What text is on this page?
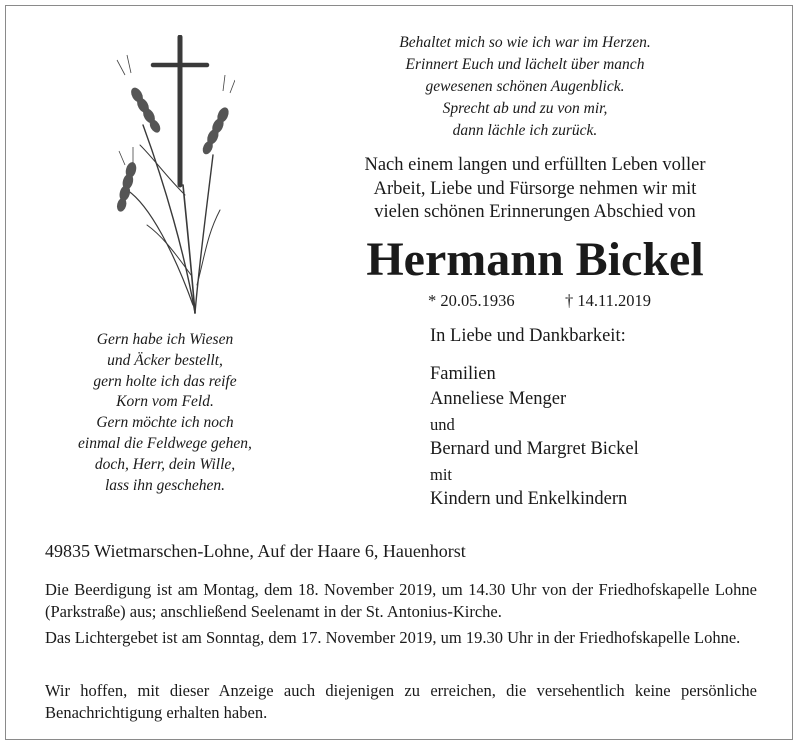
Behaltet mich so wie ich war im Herzen.
Erinnert Euch und lächelt über manch
gewesenen schönen Augenblick.
Sprecht ab und zu von mir,
dann lächle ich zurück.
Nach einem langen und erfüllten Leben voller
Arbeit, Liebe und Fürsorge nehmen wir mit
vielen schönen Erinnerungen Abschied von
Hermann Bickel
* 20.05.1936	† 14.11.2019
In Liebe und Dankbarkeit:
Familien
Anneliese Menger
und
Bernard und Margret Bickel
mit
Kindern und Enkelkindern
Gern habe ich Wiesen
und Äcker bestellt,
gern holte ich das reife
Korn vom Feld.
Gern möchte ich noch
einmal die Feldwege gehen,
doch, Herr, dein Wille,
lass ihn geschehen.
49835 Wietmarschen-Lohne, Auf der Haare 6, Hauenhorst
Die Beerdigung ist am Montag, dem 18. November 2019, um 14.30 Uhr von der Friedhofskapelle Lohne (Parkstraße) aus; anschließend Seelenamt in der St. Antonius-Kirche.
Das Lichtergebet ist am Sonntag, dem 17. November 2019, um 19.30 Uhr in der Friedhofskapelle Lohne.
Wir hoffen, mit dieser Anzeige auch diejenigen zu erreichen, die versehentlich keine persönliche Benachrichtigung erhalten haben.
